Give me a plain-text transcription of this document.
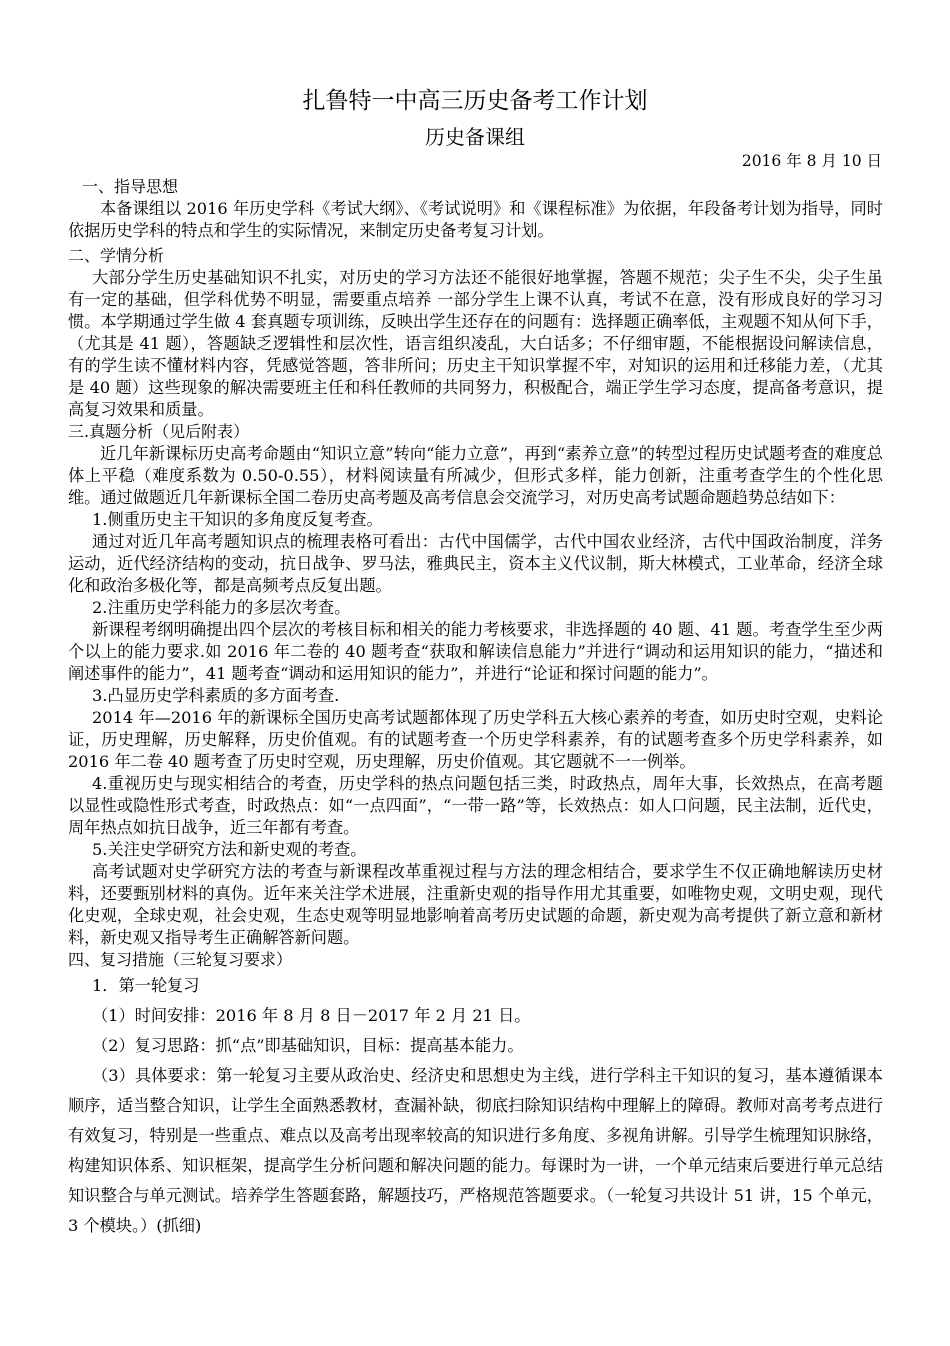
扎鲁特一中高三历史备考工作计划
历史备课组
2016 年 8 月 10 日
一、指导思想

本备课组以 2016 年历史学科《考试大纲》、《考试说明》和《课程标准》为依据，年段备考计划为指导，同时依据历史学科的特点和学生的实际情况，来制定历史备考复习计划。

二、学情分析

大部分学生历史基础知识不扎实，对历史的学习方法还不能很好地掌握，答题不规范；尖子生不尖，尖子生虽有一定的基础，但学科优势不明显，需要重点培养 一部分学生上课不认真，考试不在意，没有形成良好的学习习惯。本学期通过学生做 4 套真题专项训练，反映出学生还存在的问题有：选择题正确率低，主观题不知从何下手，（尤其是 41 题），答题缺乏逻辑性和层次性，语言组织凌乱，大白话多；不仔细审题，不能根据设问解读信息，有的学生读不懂材料内容，凭感觉答题，答非所问；历史主干知识掌握不牢，对知识的运用和迁移能力差，（尤其是 40 题）这些现象的解决需要班主任和科任教师的共同努力，积极配合，端正学生学习态度，提高备考意识，提高复习效果和质量。

三.真题分析（见后附表）

近几年新课标历史高考命题由“知识立意”转向“能力立意”，再到“素养立意”的转型过程历史试题考查的难度总体上平稳（难度系数为 0.50-0.55），材料阅读量有所减少，但形式多样，能力创新，注重考查学生的个性化思维。通过做题近几年新课标全国二卷历史高考题及高考信息会交流学习，对历史高考试题命题趋势总结如下：

1.侧重历史主干知识的多角度反复考查。

通过对近几年高考题知识点的梳理表格可看出：古代中国儒学，古代中国农业经济，古代中国政治制度，洋务运动，近代经济结构的变动，抗日战争、罗马法，雅典民主，资本主义代议制，斯大林模式，工业革命，经济全球化和政治多极化等，都是高频考点反复出题。

2.注重历史学科能力的多层次考查。

新课程考纲明确提出四个层次的考核目标和相关的能力考核要求，非选择题的 40 题、41 题。考查学生至少两个以上的能力要求.如 2016 年二卷的 40 题考查“获取和解读信息能力”并进行“调动和运用知识的能力，“描述和阐述事件的能力”，41 题考查“调动和运用知识的能力”，并进行“论证和探讨问题的能力”。

3.凸显历史学科素质的多方面考查.

2014 年—2016 年的新课标全国历史高考试题都体现了历史学科五大核心素养的考查，如历史时空观，史料论证，历史理解，历史解释，历史价值观。有的试题考查一个历史学科素养，有的试题考查多个历史学科素养，如 2016 年二卷 40 题考查了历史时空观，历史理解，历史价值观。其它题就不一一例举。

4.重视历史与现实相结合的考查，历史学科的热点问题包括三类，时政热点，周年大事，长效热点，在高考题以显性或隐性形式考查，时政热点：如“一点四面”，“一带一路”等，长效热点：如人口问题，民主法制，近代史，周年热点如抗日战争，近三年都有考查。

5.关注史学研究方法和新史观的考查。

高考试题对史学研究方法的考查与新课程改革重视过程与方法的理念相结合，要求学生不仅正确地解读历史材料，还要甄别材料的真伪。近年来关注学术进展，注重新史观的指导作用尤其重要，如唯物史观，文明史观，现代化史观，全球史观，社会史观，生态史观等明显地影响着高考历史试题的命题，新史观为高考提供了新立意和新材料，新史观又指导考生正确解答新问题。

四、复习措施（三轮复习要求）

1．第一轮复习

（1）时间安排：2016 年 8 月 8 日－2017 年 2 月 21 日。

（2）复习思路：抓“点”即基础知识，目标：提高基本能力。

（3）具体要求：第一轮复习主要从政治史、经济史和思想史为主线，进行学科主干知识的复习，基本遵循课本顺序，适当整合知识，让学生全面熟悉教材，查漏补缺，彻底扫除知识结构中理解上的障碍。教师对高考考点进行有效复习，特别是一些重点、难点以及高考出现率较高的知识进行多角度、多视角讲解。引导学生梳理知识脉络，构建知识体系、知识框架，提高学生分析问题和解决问题的能力。每课时为一讲，一个单元结束后要进行单元总结知识整合与单元测试。培养学生答题套路，解题技巧，严格规范答题要求。（一轮复习共设计 51 讲，15 个单元，3 个模块。）(抓细)
